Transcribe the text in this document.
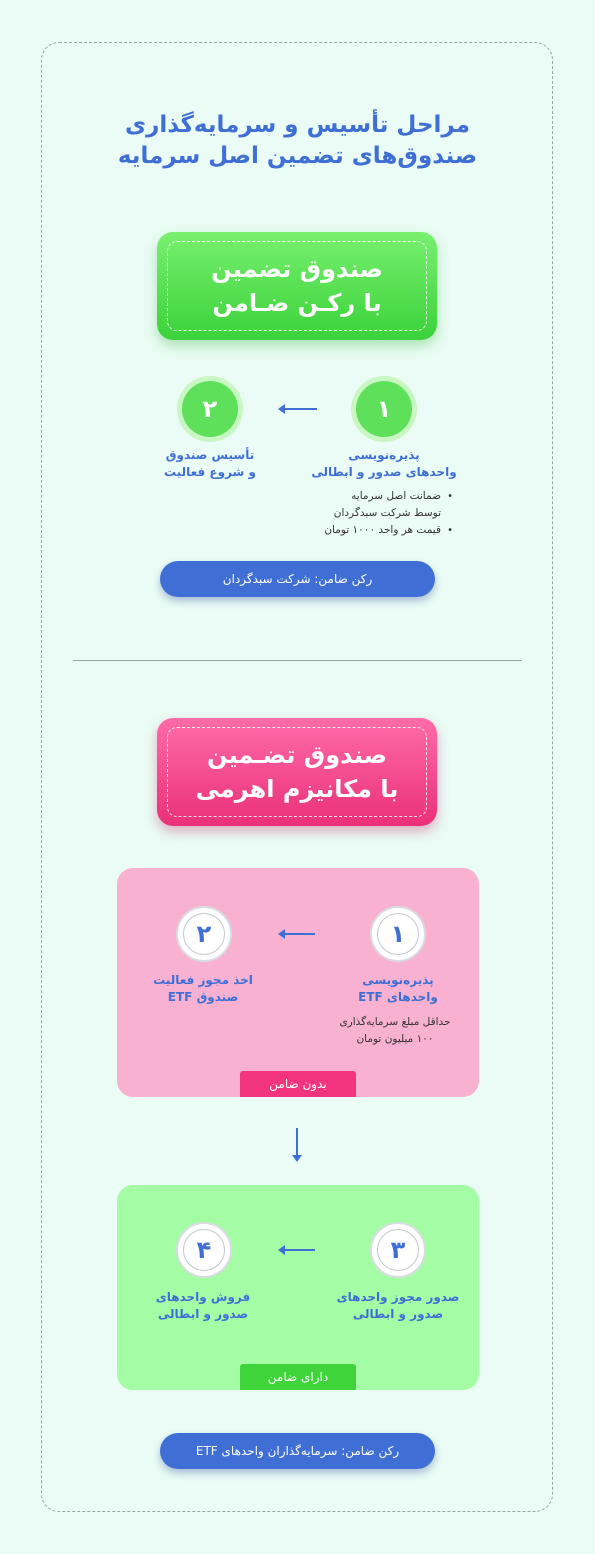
مراحل تأسیس و سرمایه‌گذاری
صندوق‌های تضمین اصل سرمایه
صندوق تضمین
با رکـن ضـامن
۱
۲
پذیره‌نویسی
واحدهای صدور و ابطالی
تأسیس صندوق
و شروع فعالیت
• ضمانت اصل سرمایه
توسط شرکت سبدگردان
• قیمت هر واحد ۱۰۰۰ تومان
رکن ضامن: شرکت سبدگردان
صندوق تضـمین
با مکانیزم اهرمی
۱
۲
پذیره‌نویسی
واحدهای ETF
اخذ مجوز فعالیت
صندوق ETF
حداقل مبلغ سرمایه‌گذاری
۱۰۰ میلیون تومان
بدون ضامن
۳
۴
صدور مجوز واحدهای
صدور و ابطالی
فروش واحدهای
صدور و ابطالی
دارای ضامن
رکن ضامن: سرمایه‌گذاران واحدهای ETF
